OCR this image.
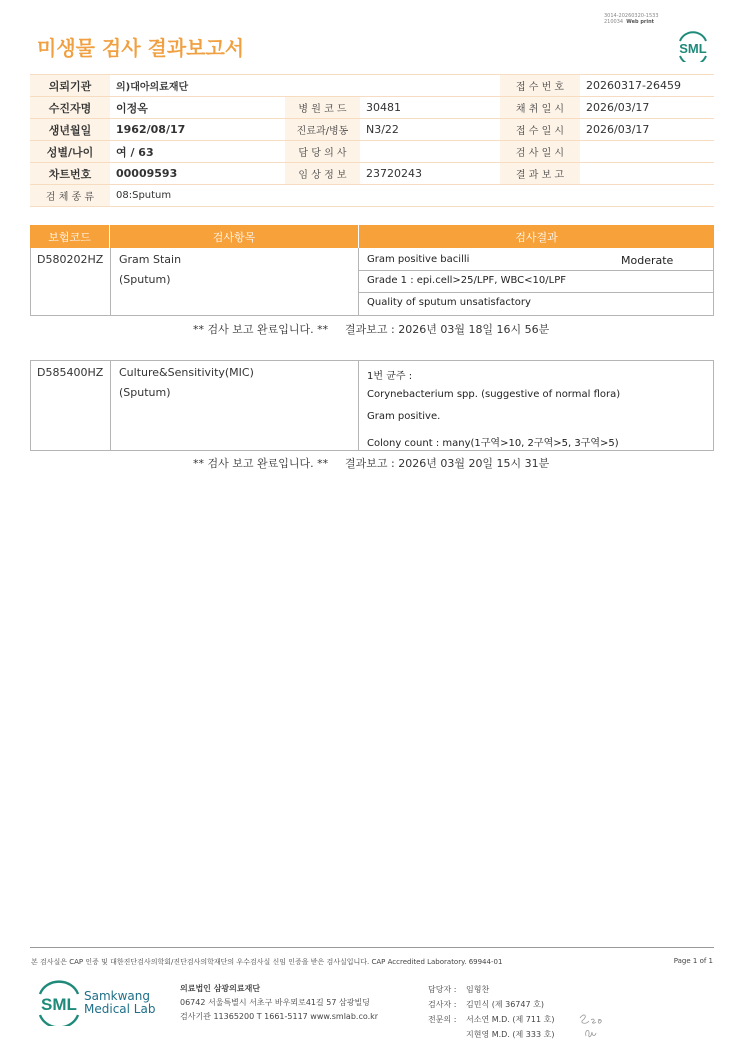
미생물 검사 결과보고서
3014-20260320-1533
210034 Web print
SML
의뢰기관	의)대아의료재단			접 수 번 호	20260317-26459
수진자명	이정옥	병 원 코 드	30481	채 취 일 시	2026/03/17
생년월일	1962/08/17	진료과/병동	N3/22	접 수 일 시	2026/03/17
성별/나이	여 / 63	담 당 의 사		검 사 일 시	
차트번호	00009593	임 상 정 보	23720243	결 과 보 고	
검 체 종 류	08:Sputum				
보험코드	검사항목	검사결과
D580202HZ Gram Stain
(Sputum)
Gram positive bacilli	Moderate
Grade 1 : epi.cell>25/LPF, WBC<10/LPF
Quality of sputum unsatisfactory
** 검사 보고 완료입니다. ** 결과보고 : 2026년 03월 18일 16시 56분
D585400HZ Culture&Sensitivity(MIC)
(Sputum)
1번 균주 :
Corynebacterium spp. (suggestive of normal flora)
Gram positive.
Colony count : many(1구역>10, 2구역>5, 3구역>5)
** 검사 보고 완료입니다. ** 결과보고 : 2026년 03월 20일 15시 31분
본 검사실은 CAP 인증 및 대한진단검사의학회/진단검사의학재단의 우수검사실 신임 인증을 받은 검사실입니다. CAP Accredited Laboratory. 69944-01	Page 1 of 1
SML Samkwang
Medical Lab
의료법인 삼광의료재단
06742 서울특별시 서초구 바우뫼로41길 57 삼광빌딩
검사기관 11365200 T 1661-5117 www.smlab.co.kr
담당자 : 임형찬
검사자 : 김민식 (제 36747 호)
전문의 : 서소연 M.D. (제 711 호)
지현영 M.D. (제 333 호)
